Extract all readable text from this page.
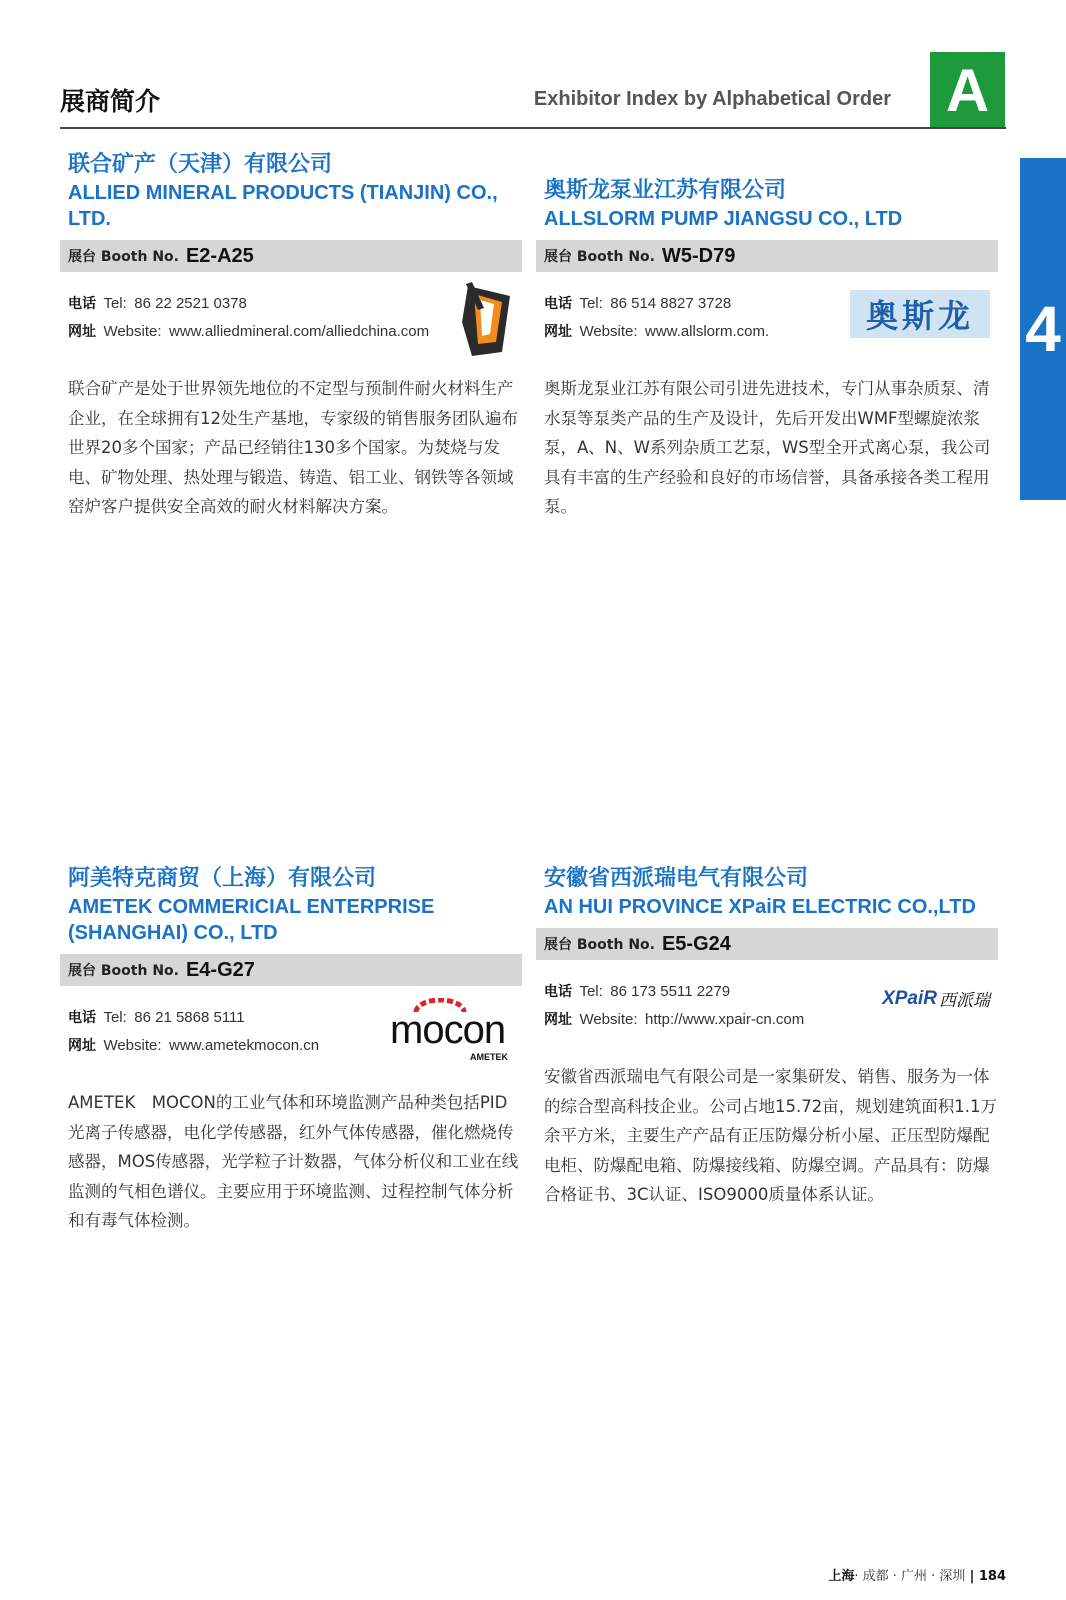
展商简介	Exhibitor Index by Alphabetical Order A
4
联合矿产（天津）有限公司
ALLIED MINERAL PRODUCTS (TIANJIN) CO., LTD.
展台 Booth No. E2-A25
电话 Tel: 86 22 2521 0378
网址 Website: www.alliedmineral.com/alliedchina.com
联合矿产是处于世界领先地位的不定型与预制件耐火材料生产企业，在全球拥有12处生产基地，专家级的销售服务团队遍布世界20多个国家；产品已经销往130多个国家。为焚烧与发电、矿物处理、热处理与锻造、铸造、铝工业、钢铁等各领域窑炉客户提供安全高效的耐火材料解决方案。
奥斯龙泵业江苏有限公司
ALLSLORM PUMP JIANGSU CO., LTD
展台 Booth No. W5-D79
电话 Tel: 86 514 8827 3728
网址 Website: www.allslorm.com.	奥斯龙
奥斯龙泵业江苏有限公司引进先进技术，专门从事杂质泵、清水泵等泵类产品的生产及设计，先后开发出WMF型螺旋浓浆泵，A、N、W系列杂质工艺泵，WS型全开式离心泵，我公司具有丰富的生产经验和良好的市场信誉，具备承接各类工程用泵。
阿美特克商贸（上海）有限公司
AMETEK COMMERICIAL ENTERPRISE (SHANGHAI) CO., LTD
展台 Booth No. E4-G27
电话 Tel: 86 21 5868 5111
网址 Website: www.ametekmocon.cn	mocon
AMETEK
AMETEK　MOCON的工业气体和环境监测产品种类包括PID光离子传感器，电化学传感器，红外气体传感器，催化燃烧传感器，MOS传感器，光学粒子计数器，气体分析仪和工业在线监测的气相色谱仪。主要应用于环境监测、过程控制气体分析和有毒气体检测。
安徽省西派瑞电气有限公司
AN HUI PROVINCE XPaiR ELECTRIC CO.,LTD
展台 Booth No. E5-G24
电话 Tel: 86 173 5511 2279
网址 Website: http://www.xpair-cn.com
XPaiR 西派瑞
安徽省西派瑞电气有限公司是一家集研发、销售、服务为一体的综合型高科技企业。公司占地15.72亩，规划建筑面积1.1万余平方米，主要生产产品有正压防爆分析小屋、正压型防爆配电柜、防爆配电箱、防爆接线箱、防爆空调。产品具有：防爆合格证书、3C认证、ISO9000质量体系认证。
上海· 成都 · 广州 · 深圳 | 184
